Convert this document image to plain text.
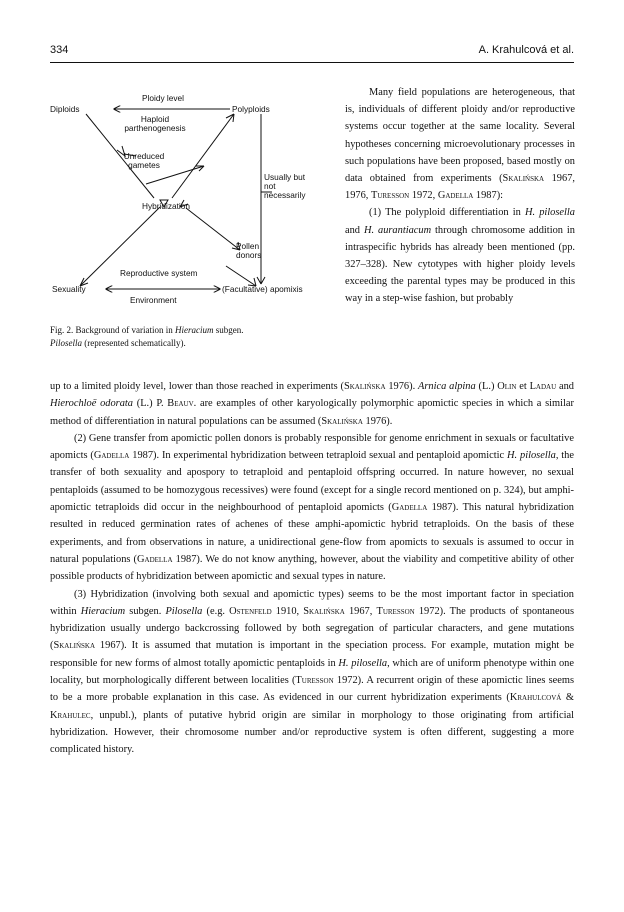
334	A. Krahulcová et al.
Ploidy level
Diploids	Polyploids
Haploid
parthenogenesis
Unreduced
gametes
Usually but
not
necessarily
Hybridization
Pollen
donors
Reproductive system
Sexuality	(Facultative) apomixis
Environment
Fig. 2. Background of variation in Hieracium subgen.
Pilosella (represented schematically).

Many field populations are heterogeneous, that is, individuals of different ploidy and/or reproductive systems occur together at the same locality. Several hypotheses concerning microevolutionary processes in such populations have been proposed, based mostly on data obtained from experiments (Skalińska 1967, 1976, Turesson 1972, Gadella 1987):

(1) The polyploid differentiation in H. pilosella and H. aurantiacum through chromosome addition in intraspecific hybrids has already been mentioned (pp. 327–328). New cytotypes with higher ploidy levels exceeding the parental types may be produced in this way in a step-wise fashion, but probably

up to a limited ploidy level, lower than those reached in experiments (Skalińska 1976). Arnica alpina (L.) Olin et Ladau and Hierochloë odorata (L.) P. Beauv. are examples of other karyologically polymorphic apomictic species in which a similar method of differentiation in natural populations can be assumed (Skalińska 1976).

(2) Gene transfer from apomictic pollen donors is probably responsible for genome enrichment in sexuals or facultative apomicts (Gadella 1987). In experimental hybridization between tetraploid sexual and pentaploid apomictic H. pilosella, the transfer of both sexuality and apospory to tetraploid and pentaploid offspring occurred. In nature however, no sexual pentaploids (assumed to be homozygous recessives) were found (except for a single record mentioned on p. 324), but amphi-apomictic tetraploids did occur in the neighbourhood of pentaploid apomicts (Gadella 1987). This natural hybridization resulted in reduced germination rates of achenes of these amphi-apomictic hybrid tetraploids. On the basis of these experiments, and from observations in nature, a unidirectional gene-flow from apomicts to sexuals is assumed to occur in natural populations (Gadella 1987). We do not know anything, however, about the viability and competitive ability of other possible products of hybridization between apomictic and sexual types in nature.

(3) Hybridization (involving both sexual and apomictic types) seems to be the most important factor in speciation within Hieracium subgen. Pilosella (e.g. Ostenfeld 1910, Skalińska 1967, Turesson 1972). The products of spontaneous hybridization usually undergo backcrossing followed by both segregation of particular characters, and gene mutations (Skalińska 1967). It is assumed that mutation is important in the speciation process. For example, mutation might be responsible for new forms of almost totally apomictic pentaploids in H. pilosella, which are of uniform phenotype within one locality, but morphologically different between localities (Turesson 1972). A recurrent origin of these apomictic lines seems to be a more probable explanation in this case. As evidenced in our current hybridization experiments (Krahulcová & Krahulec, unpubl.), plants of putative hybrid origin are similar in morphology to those originating from artificial hybridization. However, their chromosome number and/or reproductive system is often different, suggesting a more complicated history.
